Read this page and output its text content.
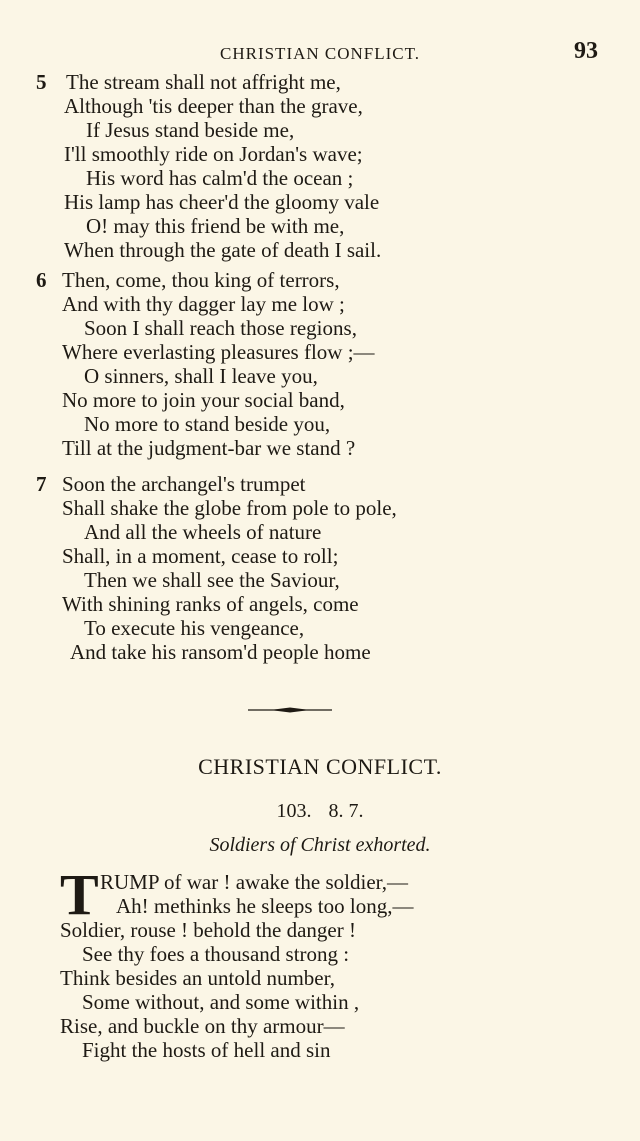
CHRISTIAN CONFLICT.	93
5 The stream shall not affright me,
Although 'tis deeper than the grave,
If Jesus stand beside me,
I'll smoothly ride on Jordan's wave;
His word has calm'd the ocean ;
His lamp has cheer'd the gloomy vale
O! may this friend be with me,
When through the gate of death I sail.
6 Then, come, thou king of terrors,
And with thy dagger lay me low ;
Soon I shall reach those regions,
Where everlasting pleasures flow ;—
O sinners, shall I leave you,
No more to join your social band,
No more to stand beside you,
Till at the judgment-bar we stand ?
7 Soon the archangel's trumpet
Shall shake the globe from pole to pole,
And all the wheels of nature
Shall, in a moment, cease to roll;
Then we shall see the Saviour,
With shining ranks of angels, come
To execute his vengeance,
And take his ransom'd people home
CHRISTIAN CONFLICT.
103. 8. 7.
Soldiers of Christ exhorted.
T RUMP of war ! awake the soldier,—
Ah! methinks he sleeps too long,—
Soldier, rouse ! behold the danger !
See thy foes a thousand strong :
Think besides an untold number,
Some without, and some within ,
Rise, and buckle on thy armour—
Fight the hosts of hell and sin
